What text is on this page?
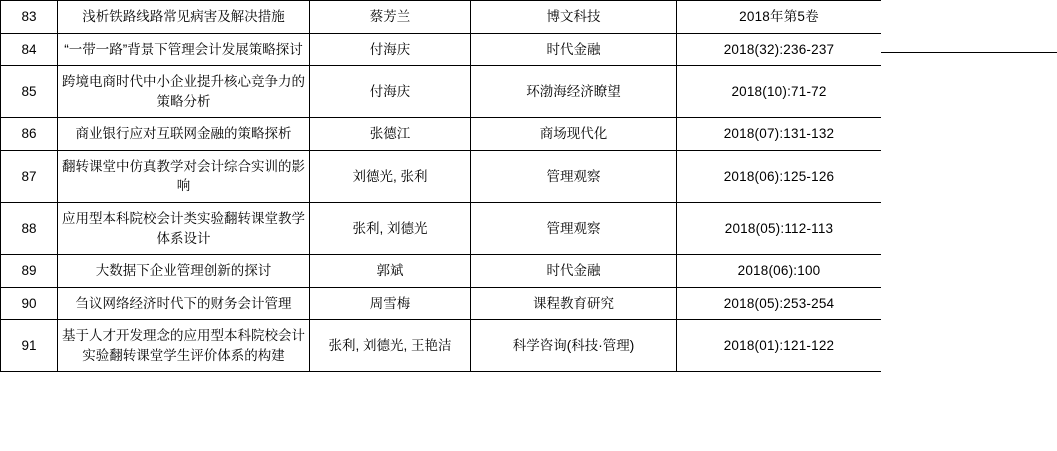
83	浅析铁路线路常见病害及解决措施	蔡芳兰	博文科技	2018年第5卷
84	“一带一路”背景下管理会计发展策略探讨	付海庆	时代金融	2018(32):236-237
85	跨境电商时代中小企业提升核心竞争力的策略分析	付海庆	环渤海经济瞭望	2018(10):71-72
86	商业银行应对互联网金融的策略探析	张德江	商场现代化	2018(07):131-132
87	翻转课堂中仿真教学对会计综合实训的影响	刘德光, 张利	管理观察	2018(06):125-126
88	应用型本科院校会计类实验翻转课堂教学体系设计	张利, 刘德光	管理观察	2018(05):112-113
89	大数据下企业管理创新的探讨	郭斌	时代金融	2018(06):100
90	刍议网络经济时代下的财务会计管理	周雪梅	课程教育研究	2018(05):253-254
91	基于人才开发理念的应用型本科院校会计实验翻转课堂学生评价体系的构建	张利, 刘德光, 王艳洁	科学咨询(科技·管理)	2018(01):121-122
